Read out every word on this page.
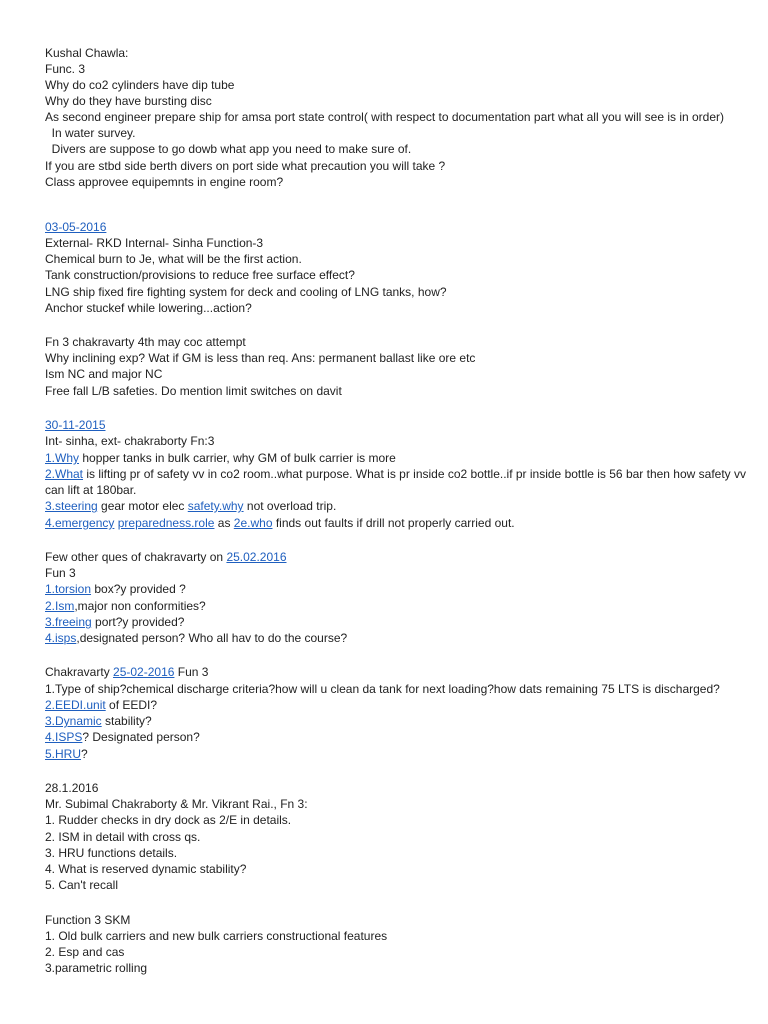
Kushal Chawla:
Func. 3
Why do co2 cylinders have dip tube
Why do they have bursting disc
As second engineer prepare ship for amsa port state control( with respect to documentation part what all you will see is in order)
In water survey.
Divers are suppose to go dowb what app you need to make sure of.
If you are stbd side berth divers on port side what precaution you will take ?
Class approvee equipemnts in engine room?
03-05-2016
External- RKD Internal- Sinha Function-3
Chemical burn to Je, what will be the first action.
Tank construction/provisions to reduce free surface effect?
LNG ship fixed fire fighting system for deck and cooling of LNG tanks, how?
Anchor stuckef while lowering...action?
Fn 3 chakravarty 4th may coc attempt
Why inclining exp? Wat if GM is less than req. Ans: permanent ballast like ore etc
Ism NC and major NC
Free fall L/B safeties. Do mention limit switches on davit
30-11-2015
Int- sinha, ext- chakraborty Fn:3
1.Why hopper tanks in bulk carrier, why GM of bulk carrier is more
2.What is lifting pr of safety vv in co2 room..what purpose. What is pr inside co2 bottle..if pr inside bottle is 56 bar then how safety vv can lift at 180bar.
3.steering gear motor elec safety.why not overload trip.
4.emergency preparedness.role as 2e.who finds out faults if drill not properly carried out.
Few other ques of chakravarty on 25.02.2016
Fun 3
1.torsion box?y provided ?
2.Ism,major non conformities?
3.freeing port?y provided?
4.isps,designated person? Who all hav to do the course?
Chakravarty 25-02-2016 Fun 3
1.Type of ship?chemical discharge criteria?how will u clean da tank for next loading?how dats remaining 75 LTS is discharged?
2.EEDI.unit of EEDI?
3.Dynamic stability?
4.ISPS? Designated person?
5.HRU?
28.1.2016
Mr. Subimal Chakraborty & Mr. Vikrant Rai., Fn 3:
1. Rudder checks in dry dock as 2/E in details.
2. ISM in detail with cross qs.
3. HRU functions details.
4. What is reserved dynamic stability?
5. Can't recall
Function 3 SKM
1. Old bulk carriers and new bulk carriers constructional features
2. Esp and cas
3.parametric rolling
